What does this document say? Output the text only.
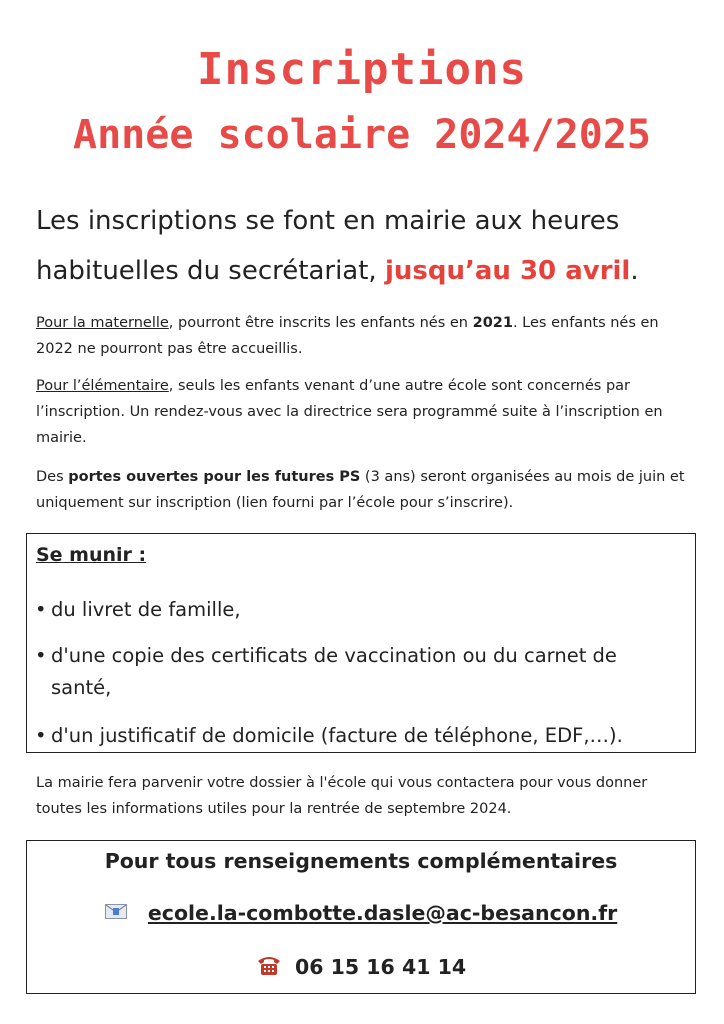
Inscriptions
Année scolaire 2024/2025

Les inscriptions se font en mairie aux heures habituelles du secrétariat, jusqu’au 30 avril.

Pour la maternelle, pourront être inscrits les enfants nés en 2021. Les enfants nés en 2022 ne pourront pas être accueillis.

Pour l’élémentaire, seuls les enfants venant d’une autre école sont concernés par l’inscription. Un rendez-vous avec la directrice sera programmé suite à l’inscription en mairie.

Des portes ouvertes pour les futures PS (3 ans) seront organisées au mois de juin et uniquement sur inscription (lien fourni par l’école pour s’inscrire).

Se munir :
• du livret de famille,
• d'une copie des certificats de vaccination ou du carnet de
santé,
• d'un justificatif de domicile (facture de téléphone, EDF,…).

La mairie fera parvenir votre dossier à l'école qui vous contactera pour vous donner toutes les informations utiles pour la rentrée de septembre 2024.

Pour tous renseignements complémentaires
ecole.la-combotte.dasle@ac-besancon.fr
06 15 16 41 14
